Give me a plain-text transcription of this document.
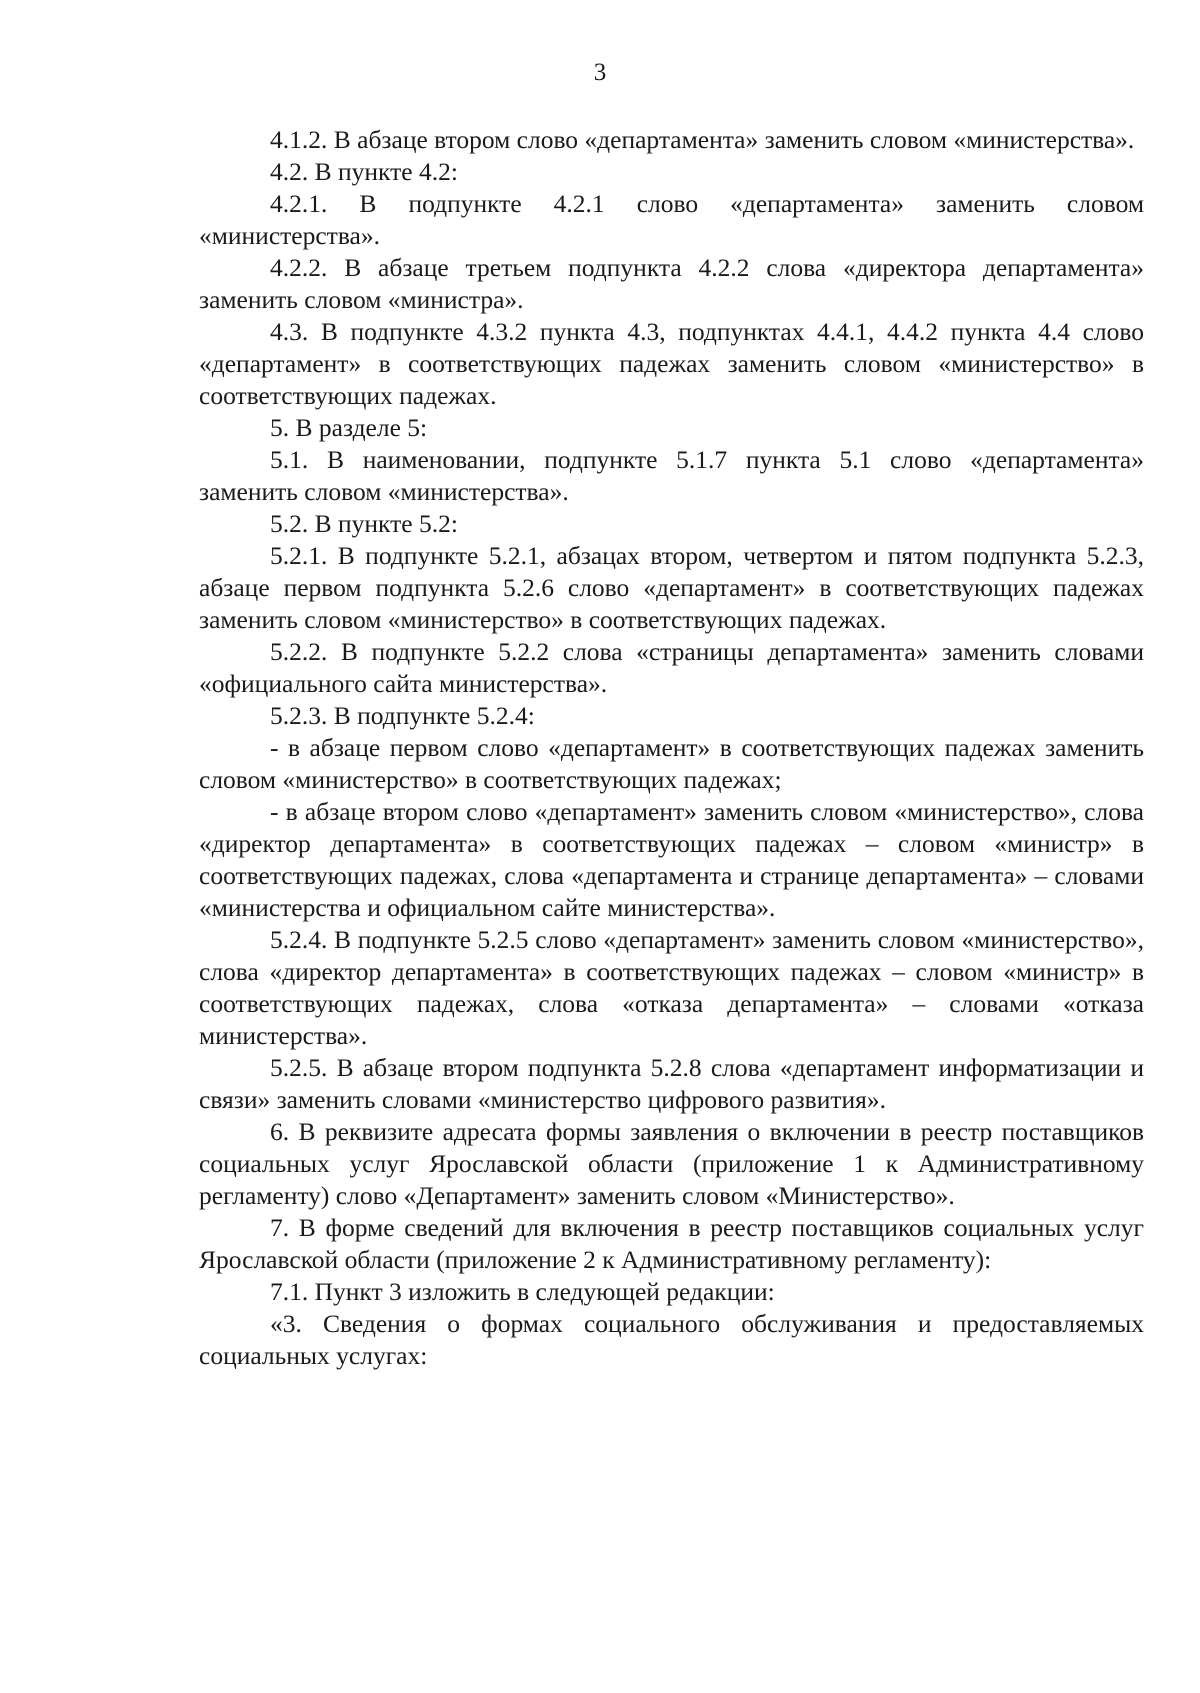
3

4.1.2. В абзаце втором слово «департамента» заменить словом «министерства».

4.2. В пункте 4.2:

4.2.1. В подпункте 4.2.1 слово «департамента» заменить словом «министерства».

4.2.2. В абзаце третьем подпункта 4.2.2 слова «директора департамента» заменить словом «министра».

4.3. В подпункте 4.3.2 пункта 4.3, подпунктах 4.4.1, 4.4.2 пункта 4.4 слово «департамент» в соответствующих падежах заменить словом «министерство» в соответствующих падежах.

5. В разделе 5:

5.1. В наименовании, подпункте 5.1.7 пункта 5.1 слово «департамента» заменить словом «министерства».

5.2. В пункте 5.2:

5.2.1. В подпункте 5.2.1, абзацах втором, четвертом и пятом подпункта 5.2.3, абзаце первом подпункта 5.2.6 слово «департамент» в соответствующих падежах заменить словом «министерство» в соответствующих падежах.

5.2.2. В подпункте 5.2.2 слова «страницы департамента» заменить словами «официального сайта министерства».

5.2.3. В подпункте 5.2.4:

- в абзаце первом слово «департамент» в соответствующих падежах заменить словом «министерство» в соответствующих падежах;

- в абзаце втором слово «департамент» заменить словом «министерство», слова «директор департамента» в соответствующих падежах – словом «министр» в соответствующих падежах, слова «департамента и странице департамента» – словами «министерства и официальном сайте министерства».

5.2.4. В подпункте 5.2.5 слово «департамент» заменить словом «министерство», слова «директор департамента» в соответствующих падежах – словом «министр» в соответствующих падежах, слова «отказа департамента» – словами «отказа министерства».

5.2.5. В абзаце втором подпункта 5.2.8 слова «департамент информатизации и связи» заменить словами «министерство цифрового развития».

6. В реквизите адресата формы заявления о включении в реестр поставщиков социальных услуг Ярославской области (приложение 1 к Административному регламенту) слово «Департамент» заменить словом «Министерство».

7. В форме сведений для включения в реестр поставщиков социальных услуг Ярославской области (приложение 2 к Административному регламенту):

7.1. Пункт 3 изложить в следующей редакции:

«3. Сведения о формах социального обслуживания и предоставляемых социальных услугах:
